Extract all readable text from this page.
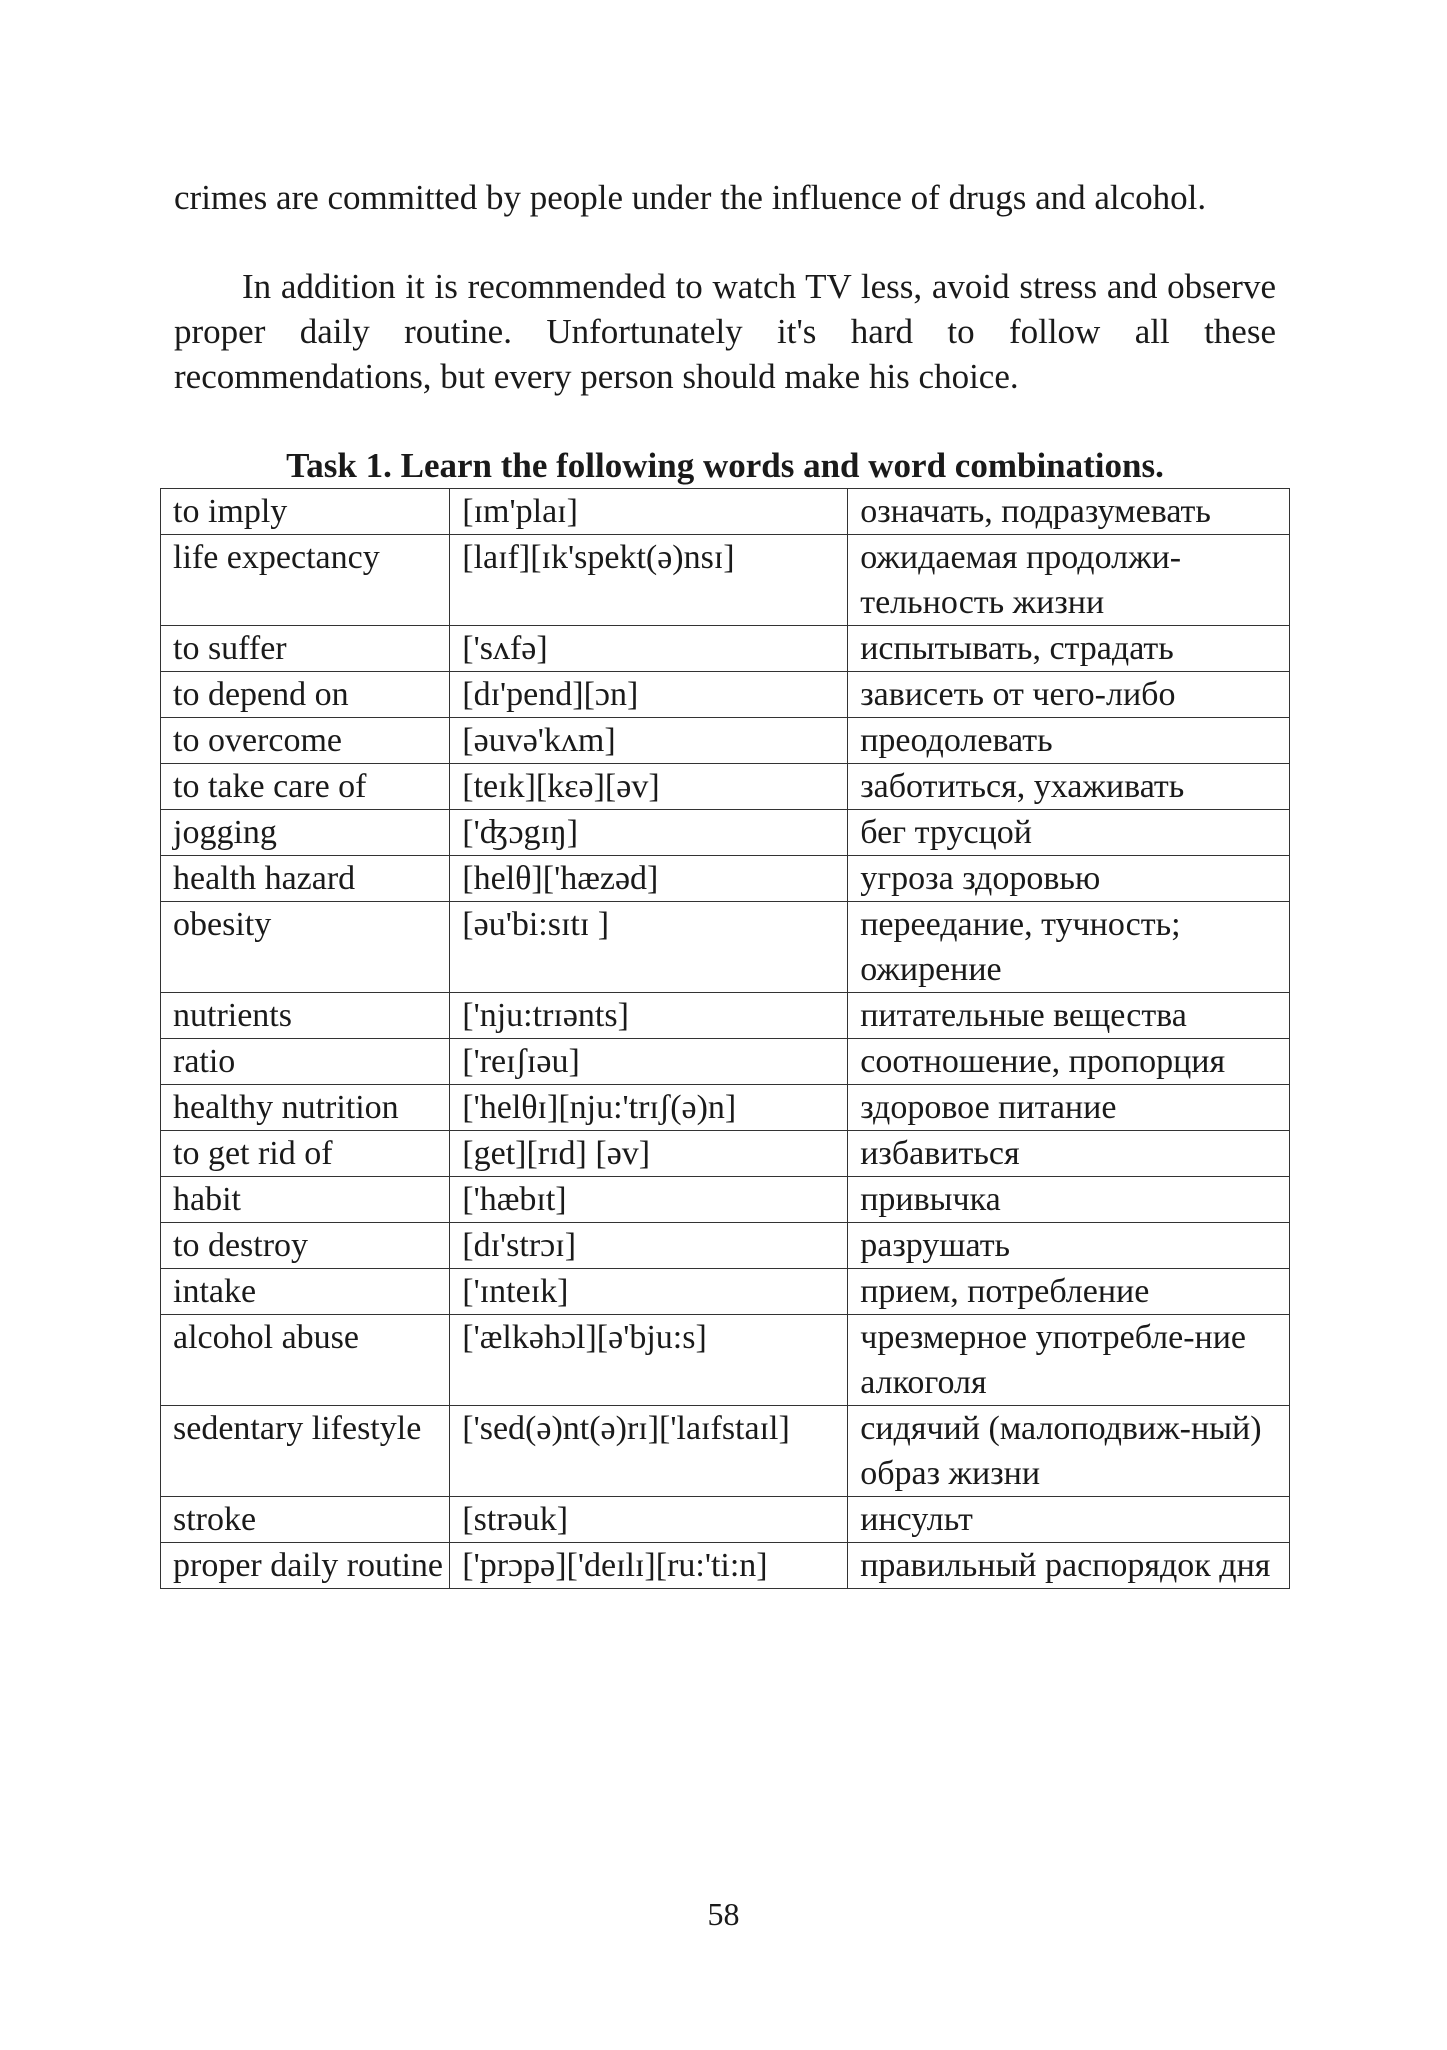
crimes are committed by people under the influence of drugs and alcohol.
In addition it is recommended to watch TV less, avoid stress and observe proper daily routine. Unfortunately it's hard to follow all these recommendations, but every person should make his choice.
Task 1. Learn the following words and word combinations.
to imply	[ɪm'plaɪ]	означать, подразумевать
life expectancy	[laɪf][ɪk'spekt(ə)nsɪ]	ожидаемая продолжи-тельность жизни
to suffer	['sʌfə]	испытывать, страдать
to depend on	[dɪ'pend][ɔn]	зависеть от чего-либо
to overcome	[əuvə'kʌm]	преодолевать
to take care of	[teɪk][kɛə][əv]	заботиться, ухаживать
jogging	['ʤɔgɪŋ]	бег трусцой
health hazard	[helθ]['hæzəd]	угроза здоровью
obesity	[əu'bi:sɪtɪ ]	переедание, тучность; ожирение
nutrients	['nju:trɪənts]	питательные вещества
ratio	['reɪʃɪəu]	соотношение, пропорция
healthy nutrition	['helθɪ][nju:'trɪʃ(ə)n]	здоровое питание
to get rid of	[get][rɪd] [əv]	избавиться
habit	['hæbɪt]	привычка
to destroy	[dɪ'strɔɪ]	разрушать
intake	['ɪnteɪk]	прием, потребление
alcohol abuse	['ælkəhɔl][ə'bju:s]	чрезмерное употребле-ние алкоголя
sedentary lifestyle	['sed(ə)nt(ə)rɪ]['laɪfstaɪl]	сидячий (малоподвиж-ный) образ жизни
stroke	[strəuk]	инсульт
proper daily routine	['prɔpə]['deɪlɪ][ru:'ti:n]	правильный распорядок дня
58
